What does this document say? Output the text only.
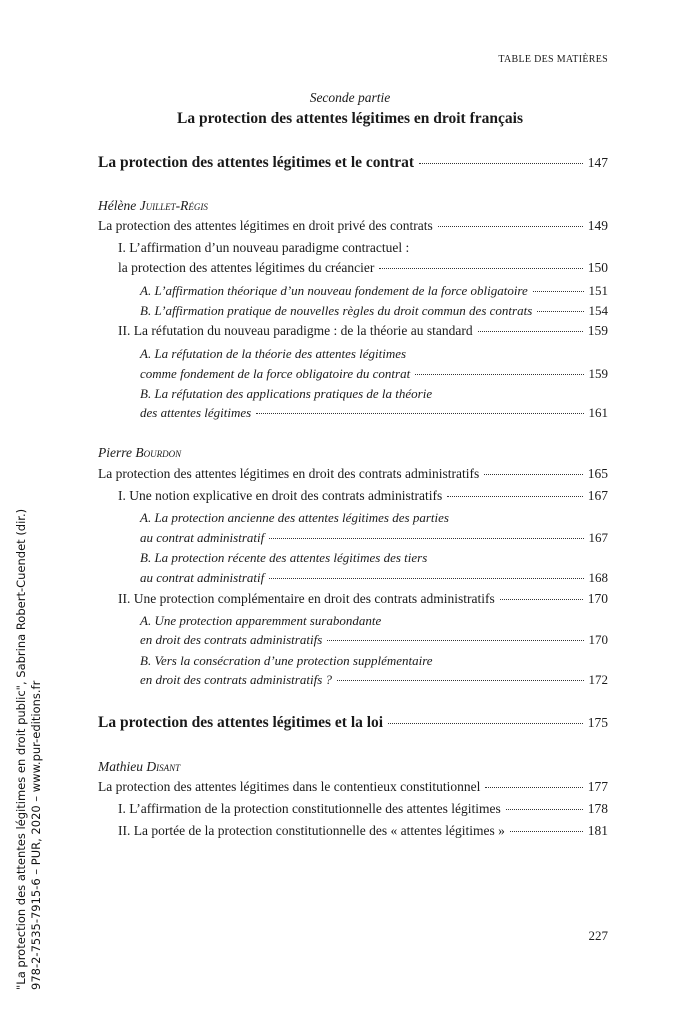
TABLE DES MATIÈRES
Seconde partie
La protection des attentes légitimes en droit français
La protection des attentes légitimes et le contrat	147
Hélène Juillet-Régis
La protection des attentes légitimes en droit privé des contrats	149
I. L’affirmation d’un nouveau paradigme contractuel :
la protection des attentes légitimes du créancier	150
A. L’affirmation théorique d’un nouveau fondement de la force obligatoire	151
B. L’affirmation pratique de nouvelles règles du droit commun des contrats	154
II. La réfutation du nouveau paradigme : de la théorie au standard	159
A. La réfutation de la théorie des attentes légitimes
comme fondement de la force obligatoire du contrat	159
B. La réfutation des applications pratiques de la théorie
des attentes légitimes	161
Pierre Bourdon
La protection des attentes légitimes en droit des contrats administratifs	165
I. Une notion explicative en droit des contrats administratifs	167
A. La protection ancienne des attentes légitimes des parties
au contrat administratif	167
B. La protection récente des attentes légitimes des tiers
au contrat administratif	168
II. Une protection complémentaire en droit des contrats administratifs	170
A. Une protection apparemment surabondante
en droit des contrats administratifs	170
B. Vers la consécration d’une protection supplémentaire
en droit des contrats administratifs ?	172
La protection des attentes légitimes et la loi	175
Mathieu Disant
La protection des attentes légitimes dans le contentieux constitutionnel	177
I. L’affirmation de la protection constitutionnelle des attentes légitimes	178
II. La portée de la protection constitutionnelle des « attentes légitimes »	181
227
"La protection des attentes légitimes en droit public", Sabrina Robert-Cuendet (dir.) 978-2-7535-7915-6 – PUR, 2020 – www.pur-editions.fr
